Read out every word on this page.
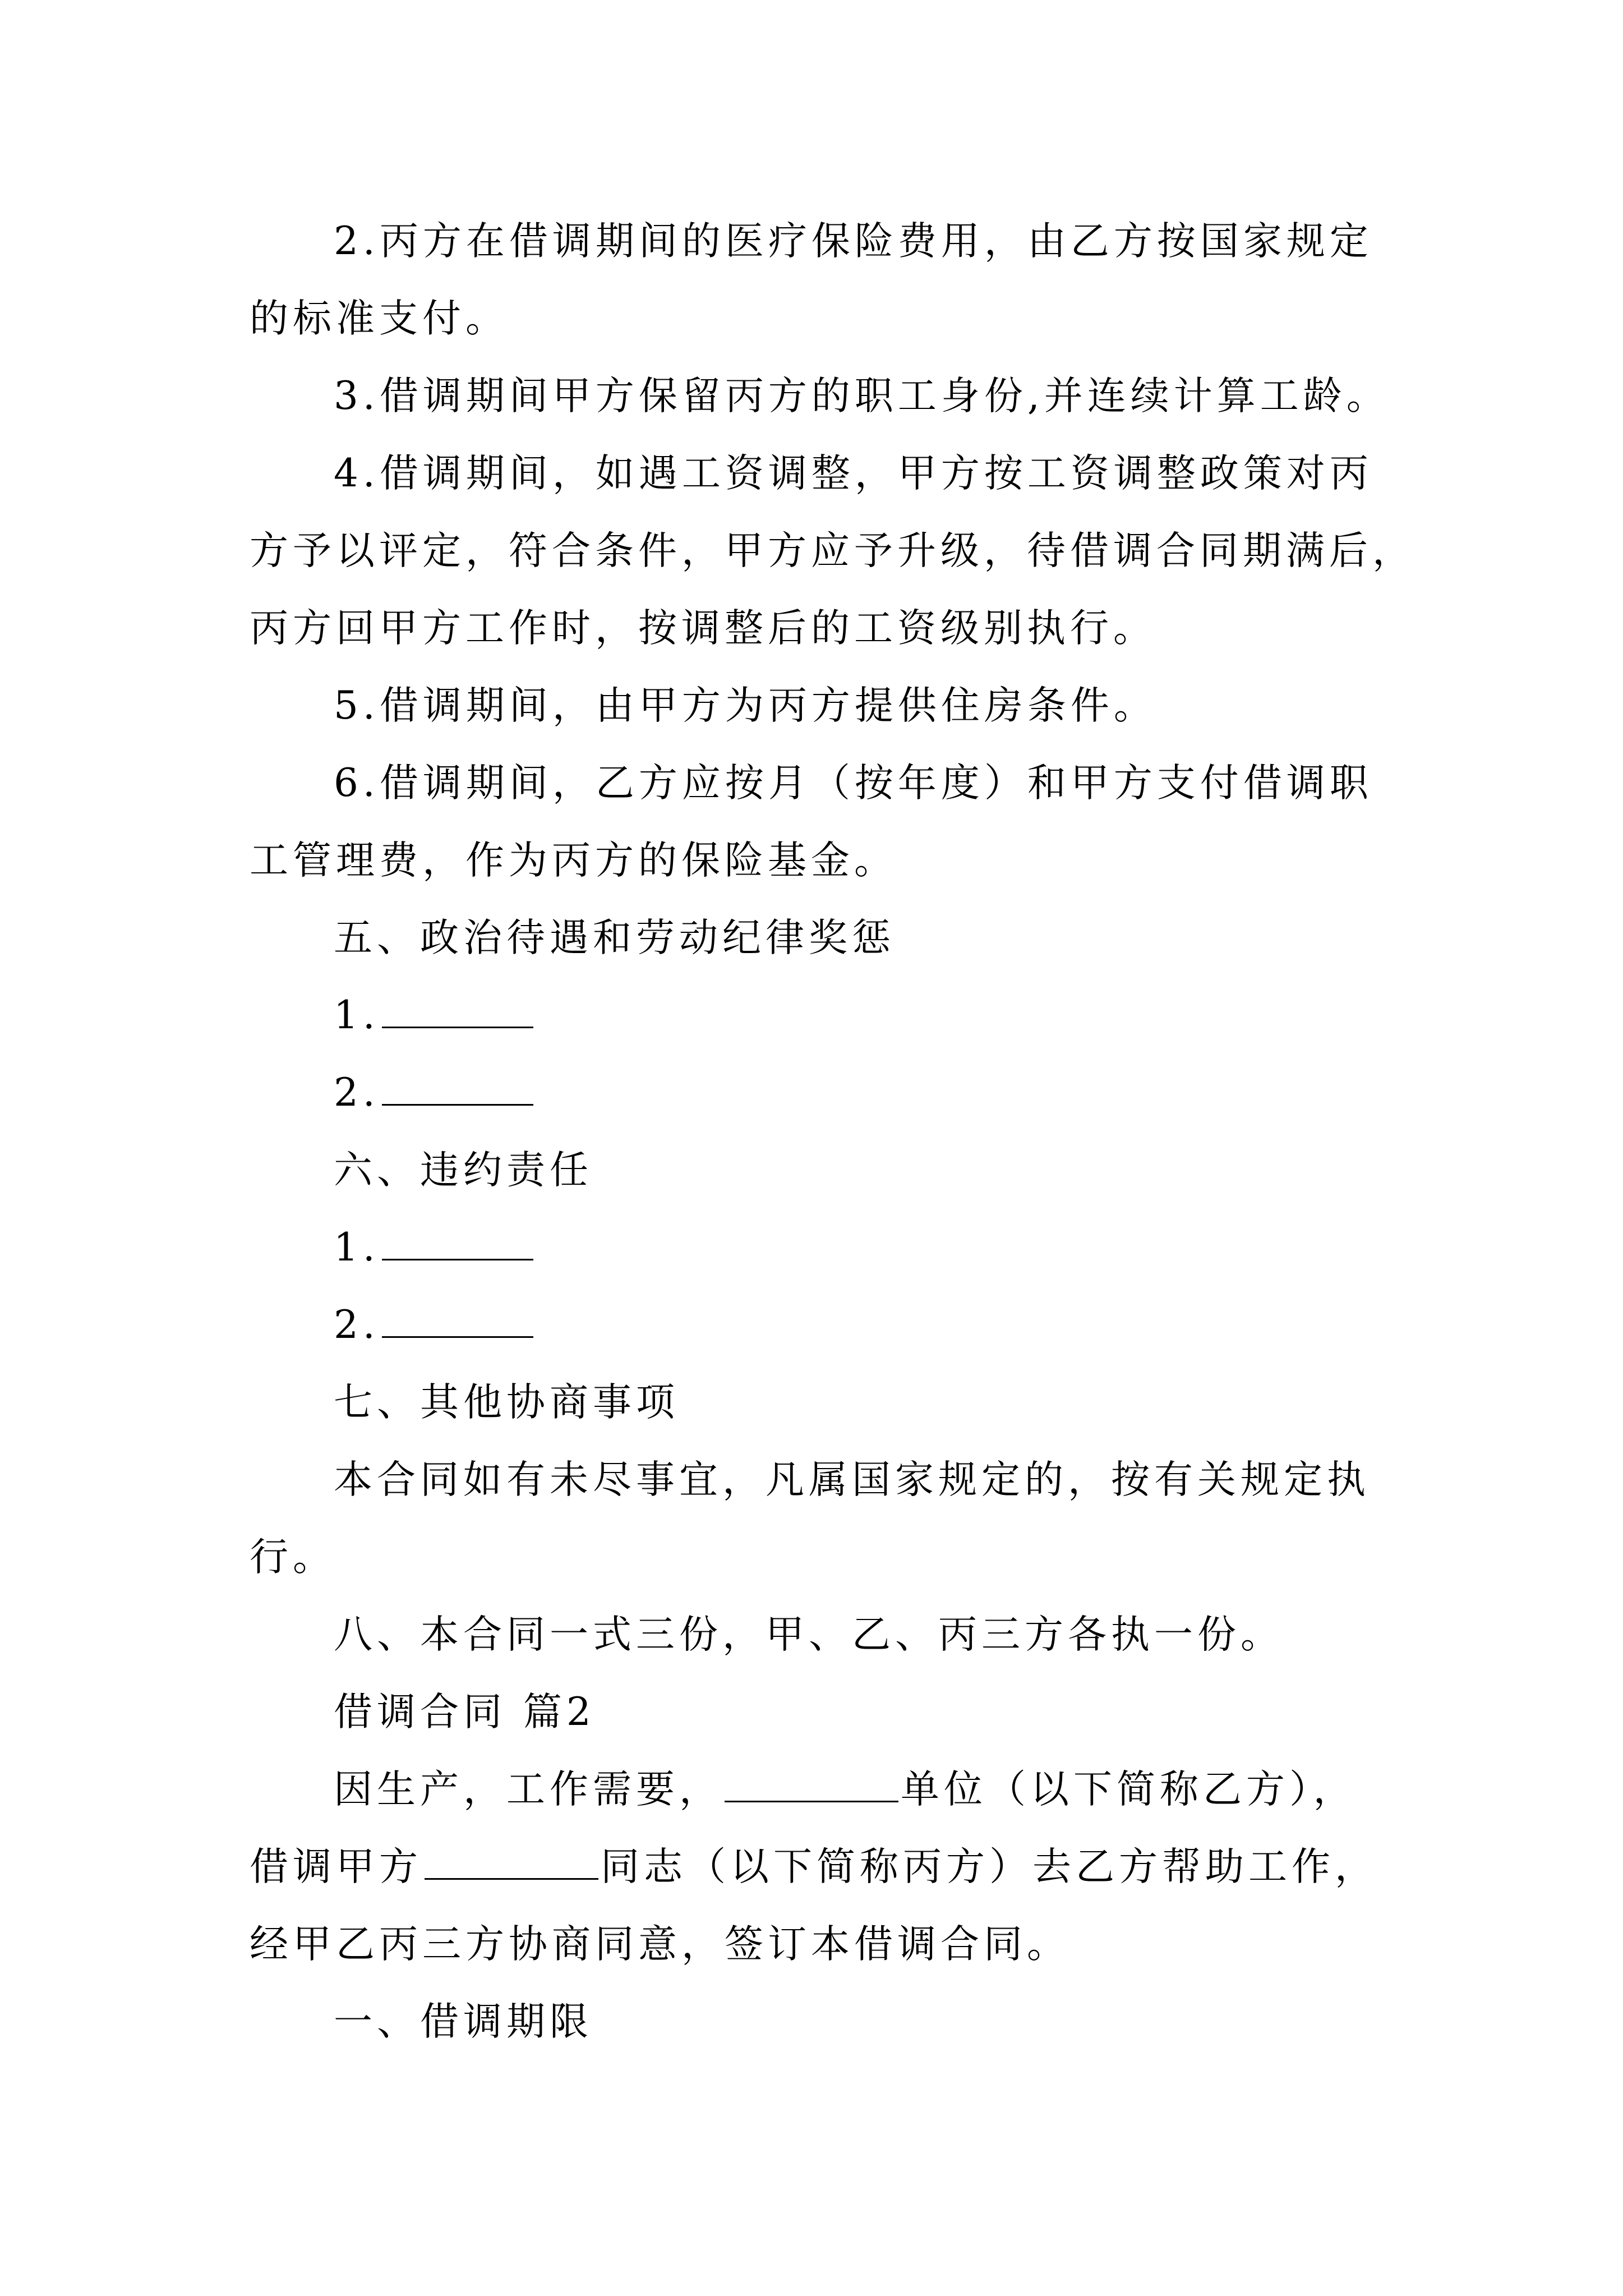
2.丙方在借调期间的医疗保险费用，由乙方按国家规定
的标准支付。
3.借调期间甲方保留丙方的职工身份,并连续计算工龄。
4.借调期间，如遇工资调整，甲方按工资调整政策对丙
方予以评定，符合条件，甲方应予升级，待借调合同期满后，
丙方回甲方工作时，按调整后的工资级别执行。
5.借调期间，由甲方为丙方提供住房条件。
6.借调期间，乙方应按月（按年度）和甲方支付借调职
工管理费，作为丙方的保险基金。
五、政治待遇和劳动纪律奖惩
1.
2.
六、违约责任
1.
2.
七、其他协商事项
本合同如有未尽事宜，凡属国家规定的，按有关规定执
行。
八、本合同一式三份，甲、乙、丙三方各执一份。
借调合同 篇2
因生产，工作需要，	单位（以下简称乙方），
借调甲方	同志（以下简称丙方）去乙方帮助工作，
经甲乙丙三方协商同意，签订本借调合同。
一、借调期限
